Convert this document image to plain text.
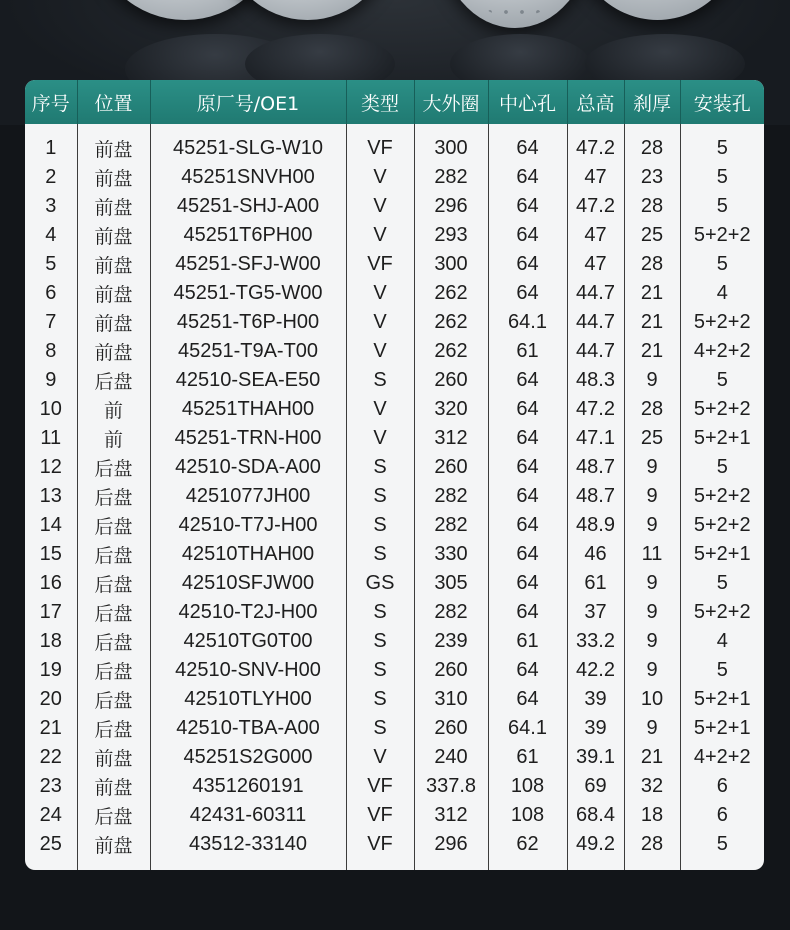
序号	位置	原厂号/OE1	类型	大外圈	中心孔	总高	刹厚	安装孔

1	前盘	45251-SLG-W10	VF	300	64	47.2	28	5
2	前盘	45251SNVH00	V	282	64	47	23	5
3	前盘	45251-SHJ-A00	V	296	64	47.2	28	5
4	前盘	45251T6PH00	V	293	64	47	25	5+2+2
5	前盘	45251-SFJ-W00	VF	300	64	47	28	5
6	前盘	45251-TG5-W00	V	262	64	44.7	21	4
7	前盘	45251-T6P-H00	V	262	64.1	44.7	21	5+2+2
8	前盘	45251-T9A-T00	V	262	61	44.7	21	4+2+2
9	后盘	42510-SEA-E50	S	260	64	48.3	9	5
10	前	45251THAH00	V	320	64	47.2	28	5+2+2
11	前	45251-TRN-H00	V	312	64	47.1	25	5+2+1
12	后盘	42510-SDA-A00	S	260	64	48.7	9	5
13	后盘	4251077JH00	S	282	64	48.7	9	5+2+2
14	后盘	42510-T7J-H00	S	282	64	48.9	9	5+2+2
15	后盘	42510THAH00	S	330	64	46	11	5+2+1
16	后盘	42510SFJW00	GS	305	64	61	9	5
17	后盘	42510-T2J-H00	S	282	64	37	9	5+2+2
18	后盘	42510TG0T00	S	239	61	33.2	9	4
19	后盘	42510-SNV-H00	S	260	64	42.2	9	5
20	后盘	42510TLYH00	S	310	64	39	10	5+2+1
21	后盘	42510-TBA-A00	S	260	64.1	39	9	5+2+1
22	前盘	45251S2G000	V	240	61	39.1	21	4+2+2
23	前盘	4351260191	VF	337.8	108	69	32	6
24	后盘	42431-60311	VF	312	108	68.4	18	6
25	前盘	43512-33140	VF	296	62	49.2	28	5
